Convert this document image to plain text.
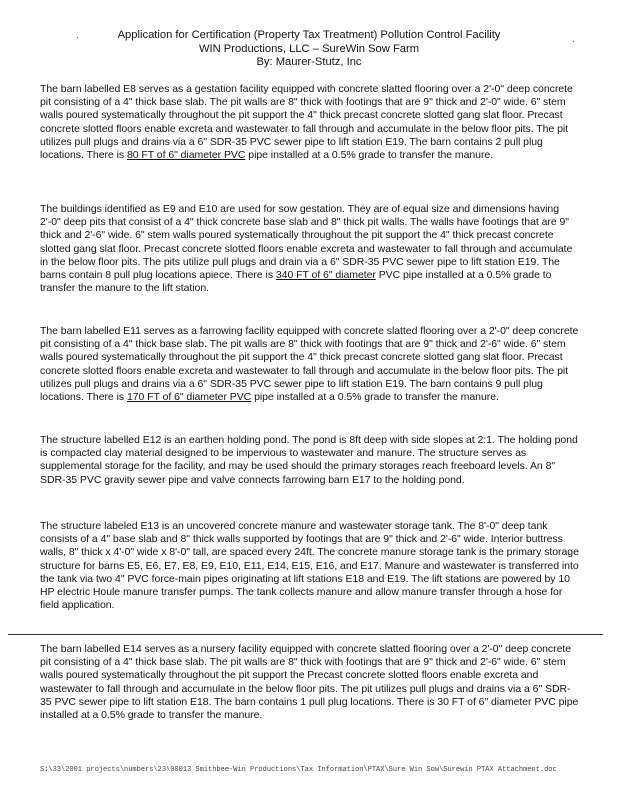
.	.
Application for Certification (Property Tax Treatment) Pollution Control Facility
WIN Productions, LLC – SureWin Sow Farm
By: Maurer-Stutz, Inc

The barn labelled E8 serves as a gestation facility equipped with concrete slatted flooring over a 2'-0" deep concrete pit consisting of a 4" thick base slab. The pit walls are 8" thick with footings that are 9" thick and 2'-0" wide. 6" stem walls poured systematically throughout the pit support the 4" thick precast concrete slotted gang slat floor. Precast concrete slotted floors enable excreta and wastewater to fall through and accumulate in the below floor pits. The pit utilizes pull plugs and drains via a 6" SDR-35 PVC sewer pipe to lift station E19. The barn contains 2 pull plug locations. There is 80 FT of 6" diameter PVC pipe installed at a 0.5% grade to transfer the manure.

The buildings identified as E9 and E10 are used for sow gestation. They are of equal size and dimensions having 2'-0" deep pits that consist of a 4" thick concrete base slab and 8" thick pit walls. The walls have footings that are 9" thick and 2'-6" wide. 6" stem walls poured systematically throughout the pit support the 4" thick precast concrete slotted gang slat floor. Precast concrete slotted floors enable excreta and wastewater to fall through and accumulate in the below floor pits. The pits utilize pull plugs and drain via a 6" SDR-35 PVC sewer pipe to lift station E19. The barns contain 8 pull plug locations apiece. There is 340 FT of 6" diameter PVC pipe installed at a 0.5% grade to transfer the manure to the lift station.

The barn labelled E11 serves as a farrowing facility equipped with concrete slatted flooring over a 2'-0" deep concrete pit consisting of a 4" thick base slab. The pit walls are 8" thick with footings that are 9" thick and 2'-6" wide. 6" stem walls poured systematically throughout the pit support the 4" thick precast concrete slotted gang slat floor. Precast concrete slotted floors enable excreta and wastewater to fall through and accumulate in the below floor pits. The pit utilizes pull plugs and drains via a 6" SDR-35 PVC sewer pipe to lift station E19. The barn contains 9 pull plug locations. There is 170 FT of 6" diameter PVC pipe installed at a 0.5% grade to transfer the manure.

The structure labelled E12 is an earthen holding pond. The pond is 8ft deep with side slopes at 2:1. The holding pond is compacted clay material designed to be impervious to wastewater and manure. The structure serves as supplemental storage for the facility, and may be used should the primary storages reach freeboard levels. An 8" SDR-35 PVC gravity sewer pipe and valve connects farrowing barn E17 to the holding pond.

The structure labeled E13 is an uncovered concrete manure and wastewater storage tank. The 8'-0" deep tank consists of a 4" base slab and 8" thick walls supported by footings that are 9" thick and 2'-6" wide. Interior buttress walls, 8" thick x 4'-0" wide x 8'-0" tall, are spaced every 24ft. The concrete manure storage tank is the primary storage structure for barns E5, E6, E7, E8, E9, E10, E11, E14, E15, E16, and E17. Manure and wastewater is transferred into the tank via two 4" PVC force-main pipes originating at lift stations E18 and E19. The lift stations are powered by 10 HP electric Houle manure transfer pumps. The tank collects manure and allow manure transfer through a hose for field application.

The barn labelled E14 serves as a nursery facility equipped with concrete slatted flooring over a 2'-0" deep concrete pit consisting of a 4" thick base slab. The pit walls are 8" thick with footings that are 9" thick and 2'-6" wide. 6" stem walls poured systematically throughout the pit support the Precast concrete slotted floors enable excreta and wastewater to fall through and accumulate in the below floor pits. The pit utilizes pull plugs and drains via a 6" SDR-35 PVC sewer pipe to lift station E18. The barn contains 1 pull plug locations. There is 30 FT of 6" diameter PVC pipe installed at a 0.5% grade to transfer the manure.

S:\33\2001 projects\numbers\23\00013 Smithbee-Win Productions\Tax Information\PTAX\Sure Win Sow\Surewin PTAX Attachment.doc
